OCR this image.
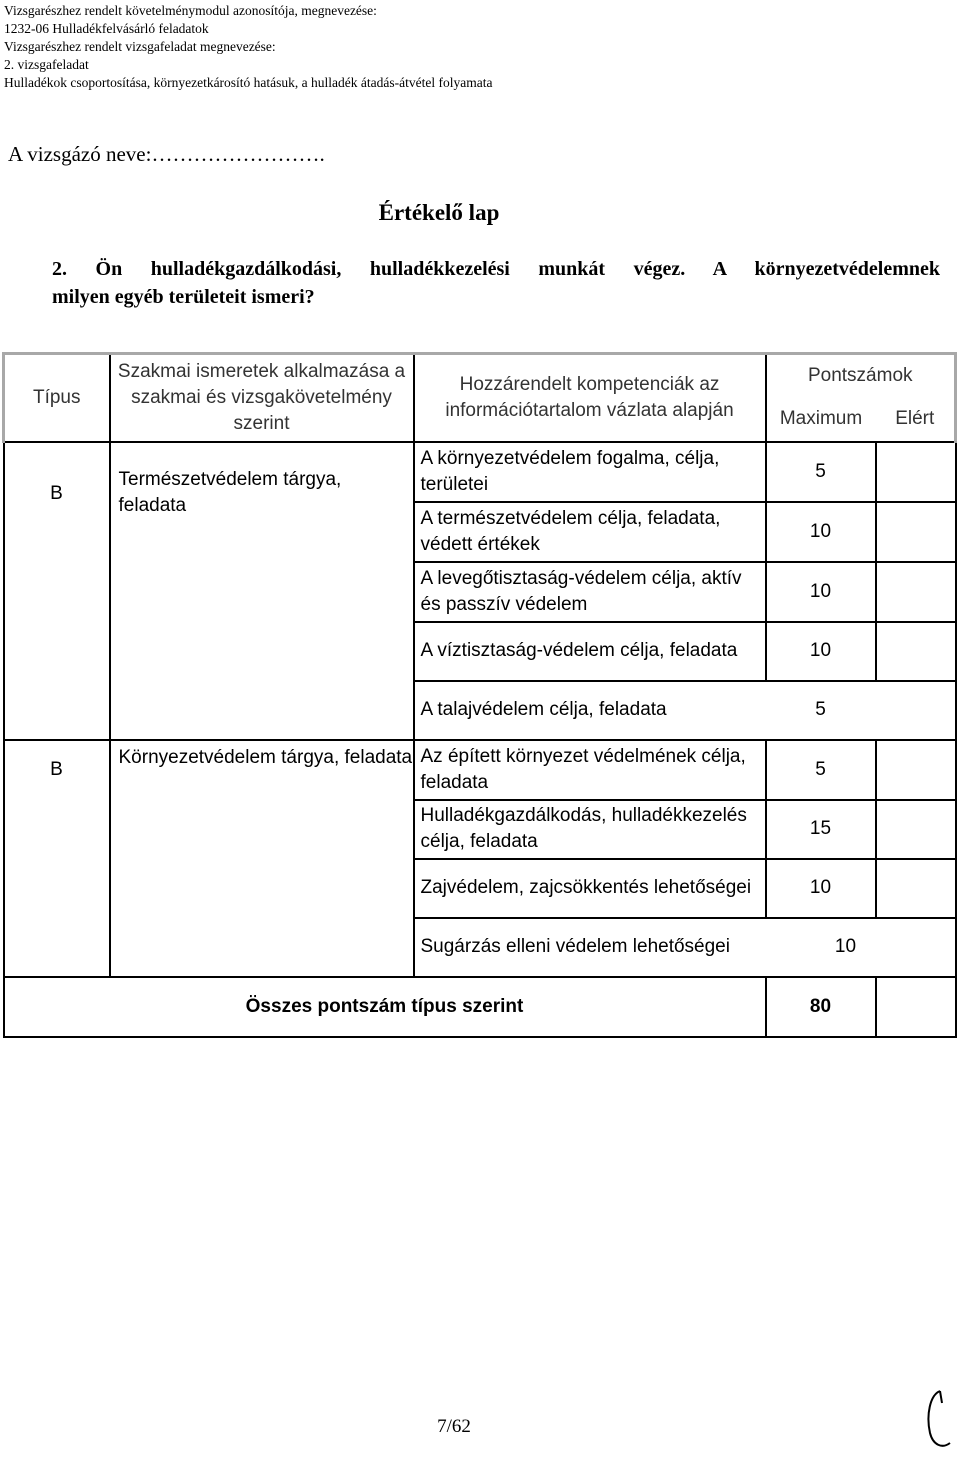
Vizsgarészhez rendelt követelménymodul azonosítója, megnevezése:
1232-06 Hulladékfelvásárló feladatok
Vizsgarészhez rendelt vizsgafeladat megnevezése:
2. vizsgafeladat
Hulladékok csoportosítása, környezetkárosító hatásuk, a hulladék átadás-átvétel folyamata
A vizsgázó neve:…………………….
Értékelő lap
2. Ön hulladékgazdálkodási, hulladékkezelési munkát végez. A környezetvédelemnek
milyen egyéb területeit ismeri?
Típus	Szakmai ismeretek alkalmazása a szakmai és vizsgakövetelmény szerint	Hozzárendelt kompetenciák az információtartalom vázlata alapján	Pontszámok	
			Maximum	Elért
B	Természetvédelem tárgya, feladata	A környezetvédelem fogalma, célja, területei	5	
		A természetvédelem célja, feladata, védett értékek	10	
		A levegőtisztaság-védelem célja, aktív és passzív védelem	10	
		A víztisztaság-védelem célja, feladata	10	
		A talajvédelem célja, feladata 5		

B	Környezetvédelem tárgya, feladata	Az épített környezet védelmének célja, feladata	5	
		Hulladékgazdálkodás, hulladékkezelés célja, feladata	15	
		Zajvédelem, zajcsökkentés lehetőségei	10	
		Sugárzás elleni védelem lehetőségei 10		

Összes pontszám típus szerint			80	
7/62
